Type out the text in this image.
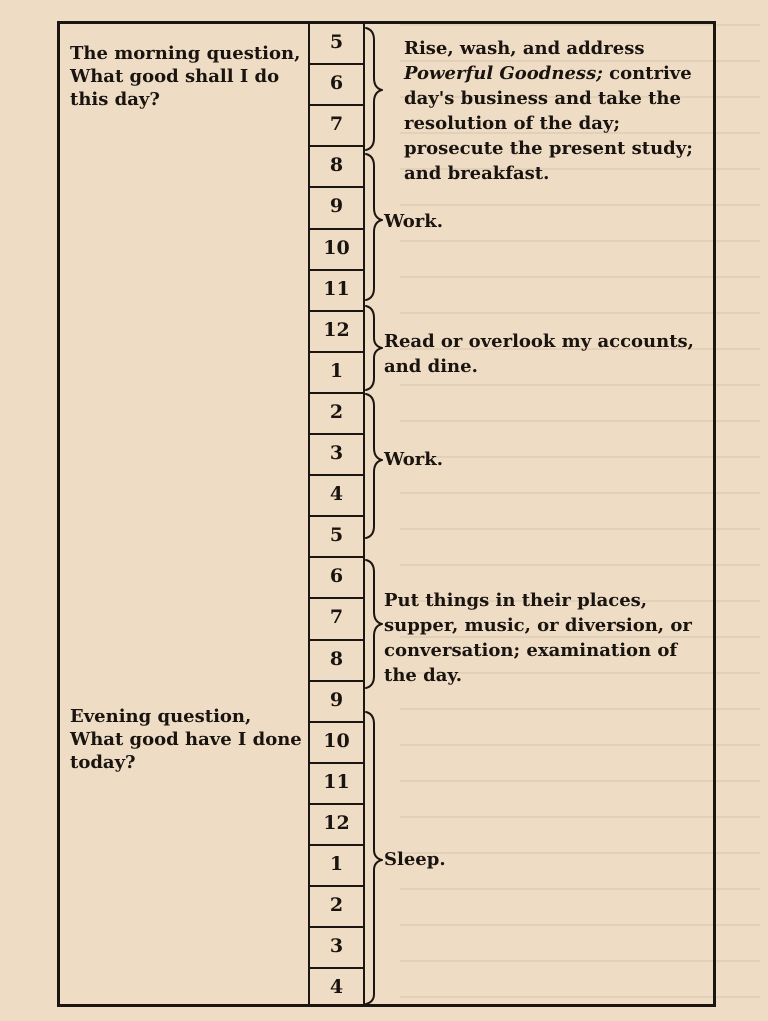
5
6
7
8
9
10
11
12
1
2
3
4
5
6
7
8
9
10
11
12
1
2
3
4
The morning question,
What good shall I do
this day?
Evening question,
What good have I done
today?
Rise, wash, and address Powerful Goodness; contrive day's business and take the resolution of the day; prosecute the present study; and breakfast.
Work.
Read or overlook my accounts, and dine.
Work.
Put things in their places, supper, music, or diversion, or conversation; examination of the day.
Sleep.
